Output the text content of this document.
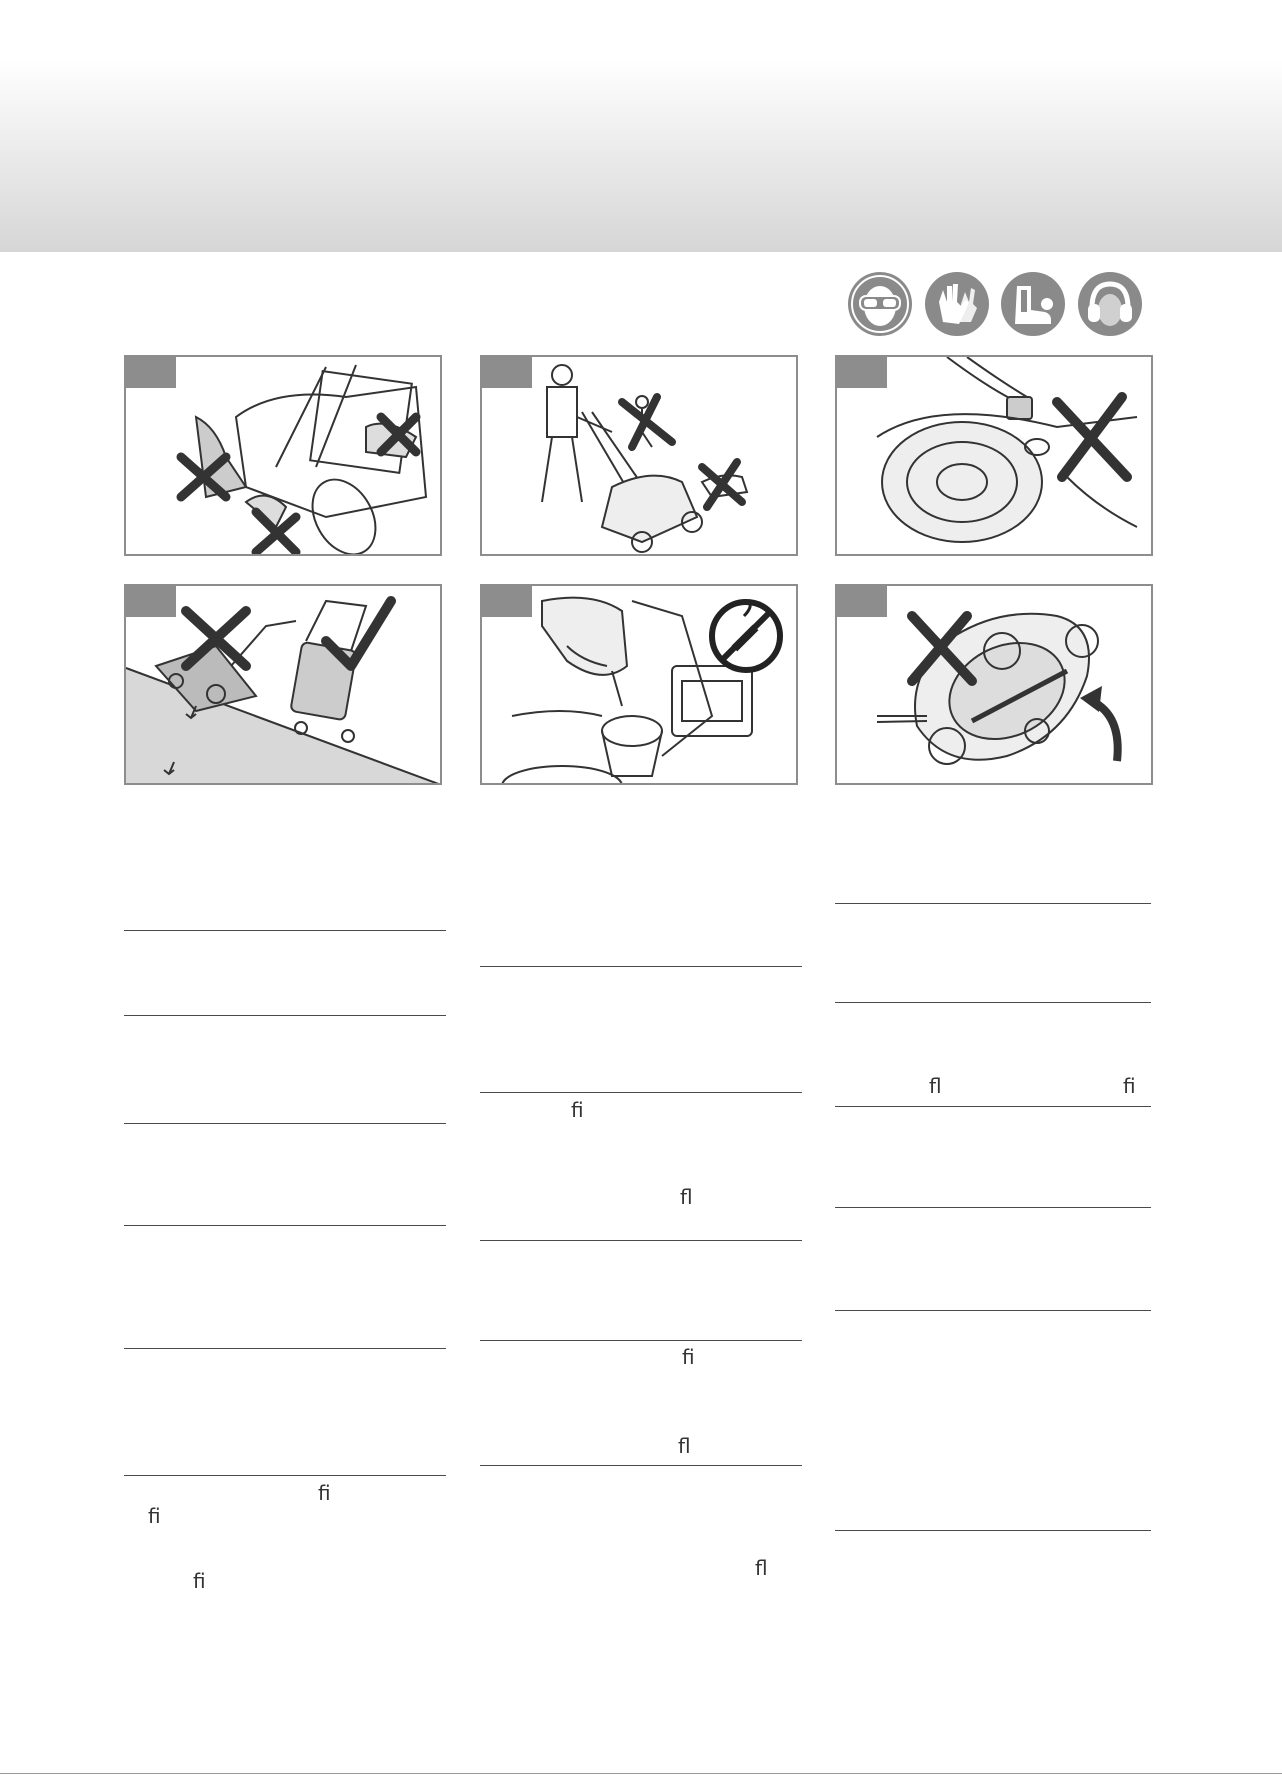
ﬁ
ﬁ
ﬁ
ﬁ
ﬂ
ﬁ
ﬂ
ﬂ
ﬂ	ﬁ
